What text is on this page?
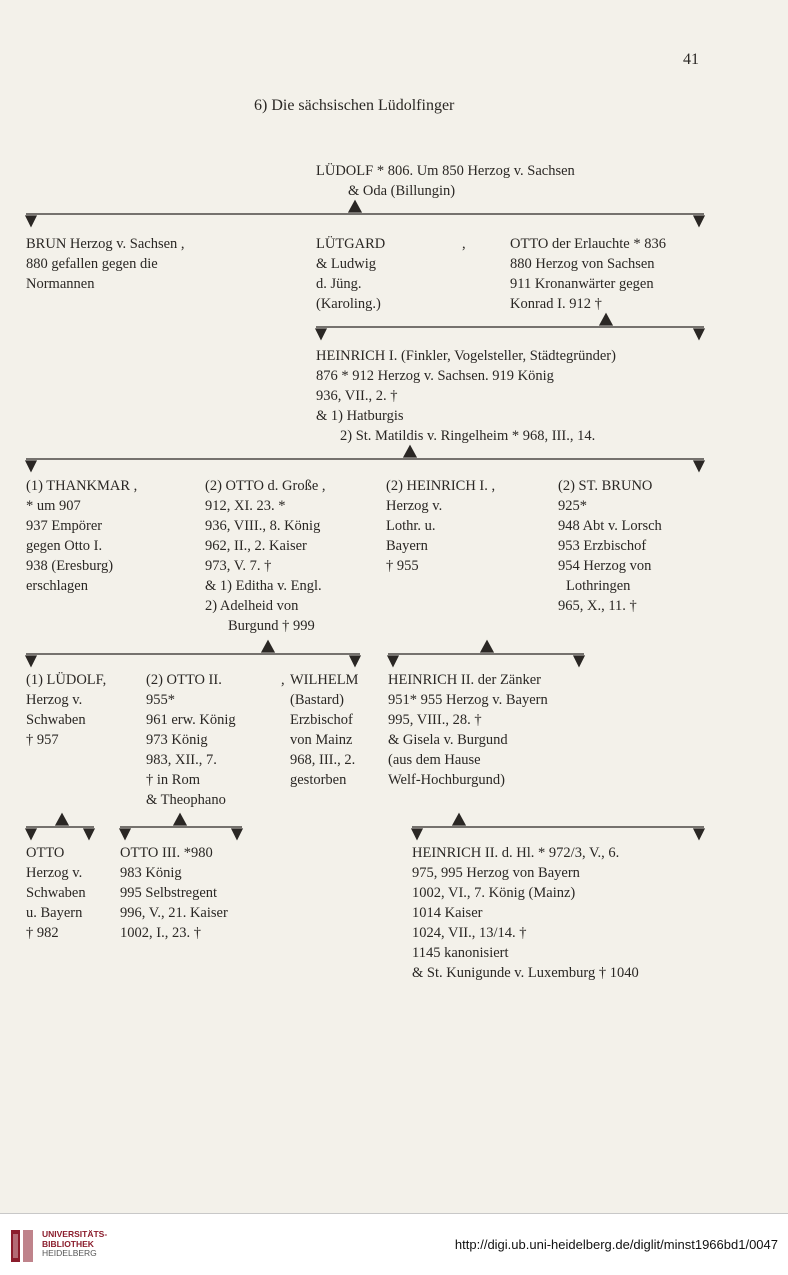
41
6) Die sächsischen Lüdolfinger
LÜDOLF * 806. Um 850 Herzog v. Sachsen
& Oda (Billungin)
BRUN Herzog v. Sachsen ,
880 gefallen gegen die
Normannen
LÜTGARD	,
& Ludwig
d. Jüng.
(Karoling.)
OTTO der Erlauchte * 836
880 Herzog von Sachsen
911 Kronanwärter gegen
Konrad I. 912 †
HEINRICH I. (Finkler, Vogelsteller, Städtegründer)
876 * 912 Herzog v. Sachsen. 919 König
936, VII., 2. †
& 1) Hatburgis
2) St. Matildis v. Ringelheim * 968, III., 14.
(1) THANKMAR ,
* um 907
937 Empörer
gegen Otto I.
938 (Eresburg)
erschlagen
(2) OTTO d. Große ,
912, XI. 23. *
936, VIII., 8. König
962, II., 2. Kaiser
973, V. 7. †
& 1) Editha v. Engl.
2) Adelheid von
Burgund † 999
(2) HEINRICH I. ,
Herzog v.
Lothr. u.
Bayern
† 955
(2) ST. BRUNO
925*
948 Abt v. Lorsch
953 Erzbischof
954 Herzog von
Lothringen
965, X., 11. †
(1) LÜDOLF,
Herzog v.
Schwaben
† 957
(2) OTTO II.	,
955*
961 erw. König
973 König
983, XII., 7.
† in Rom
& Theophano
WILHELM
(Bastard)
Erzbischof
von Mainz
968, III., 2.
gestorben
HEINRICH II. der Zänker
951* 955 Herzog v. Bayern
995, VIII., 28. †
& Gisela v. Burgund
(aus dem Hause
Welf-Hochburgund)
OTTO
Herzog v.
Schwaben
u. Bayern
† 982
OTTO III. *980
983 König
995 Selbstregent
996, V., 21. Kaiser
1002, I., 23. †
HEINRICH II. d. Hl. * 972/3, V., 6.
975, 995 Herzog von Bayern
1002, VI., 7. König (Mainz)
1014 Kaiser
1024, VII., 13/14. †
1145 kanonisiert
& St. Kunigunde v. Luxemburg † 1040
UNIVERSITÄTS-
BIBLIOTHEK
HEIDELBERG
http://digi.ub.uni-heidelberg.de/diglit/minst1966bd1/0047
